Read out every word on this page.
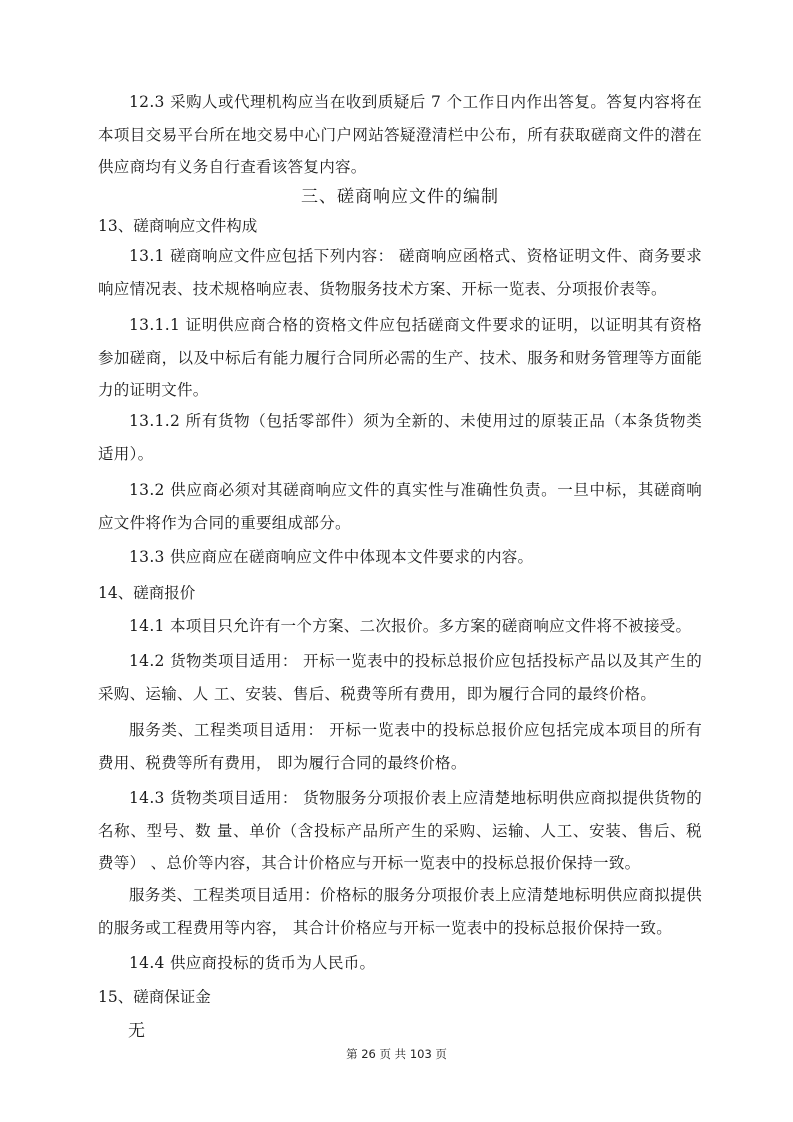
12.3 采购人或代理机构应当在收到质疑后 7 个工作日内作出答复。答复内容将在本项目交易平台所在地交易中心门户网站答疑澄清栏中公布，所有获取磋商文件的潜在供应商均有义务自行查看该答复内容。

三、磋商响应文件的编制

13、磋商响应文件构成

13.1 磋商响应文件应包括下列内容： 磋商响应函格式、资格证明文件、商务要求响应情况表、技术规格响应表、货物服务技术方案、开标一览表、分项报价表等。

13.1.1 证明供应商合格的资格文件应包括磋商文件要求的证明，以证明其有资格参加磋商，以及中标后有能力履行合同所必需的生产、技术、服务和财务管理等方面能力的证明文件。

13.1.2 所有货物（包括零部件）须为全新的、未使用过的原装正品（本条货物类适用）。

13.2 供应商必须对其磋商响应文件的真实性与准确性负责。一旦中标，其磋商响应文件将作为合同的重要组成部分。

13.3 供应商应在磋商响应文件中体现本文件要求的内容。

14、磋商报价

14.1 本项目只允许有一个方案、二次报价。多方案的磋商响应文件将不被接受。

14.2 货物类项目适用： 开标一览表中的投标总报价应包括投标产品以及其产生的采购、运输、人 工、安装、售后、税费等所有费用，即为履行合同的最终价格。

服务类、工程类项目适用： 开标一览表中的投标总报价应包括完成本项目的所有费用、税费等所有费用， 即为履行合同的最终价格。

14.3 货物类项目适用： 货物服务分项报价表上应清楚地标明供应商拟提供货物的名称、型号、数 量、单价（含投标产品所产生的采购、运输、人工、安装、售后、税费等） 、总价等内容，其合计价格应与开标一览表中的投标总报价保持一致。

服务类、工程类项目适用：价格标的服务分项报价表上应清楚地标明供应商拟提供的服务或工程费用等内容， 其合计价格应与开标一览表中的投标总报价保持一致。

14.4 供应商投标的货币为人民币。

15、磋商保证金

无

第 26 页 共 103 页
